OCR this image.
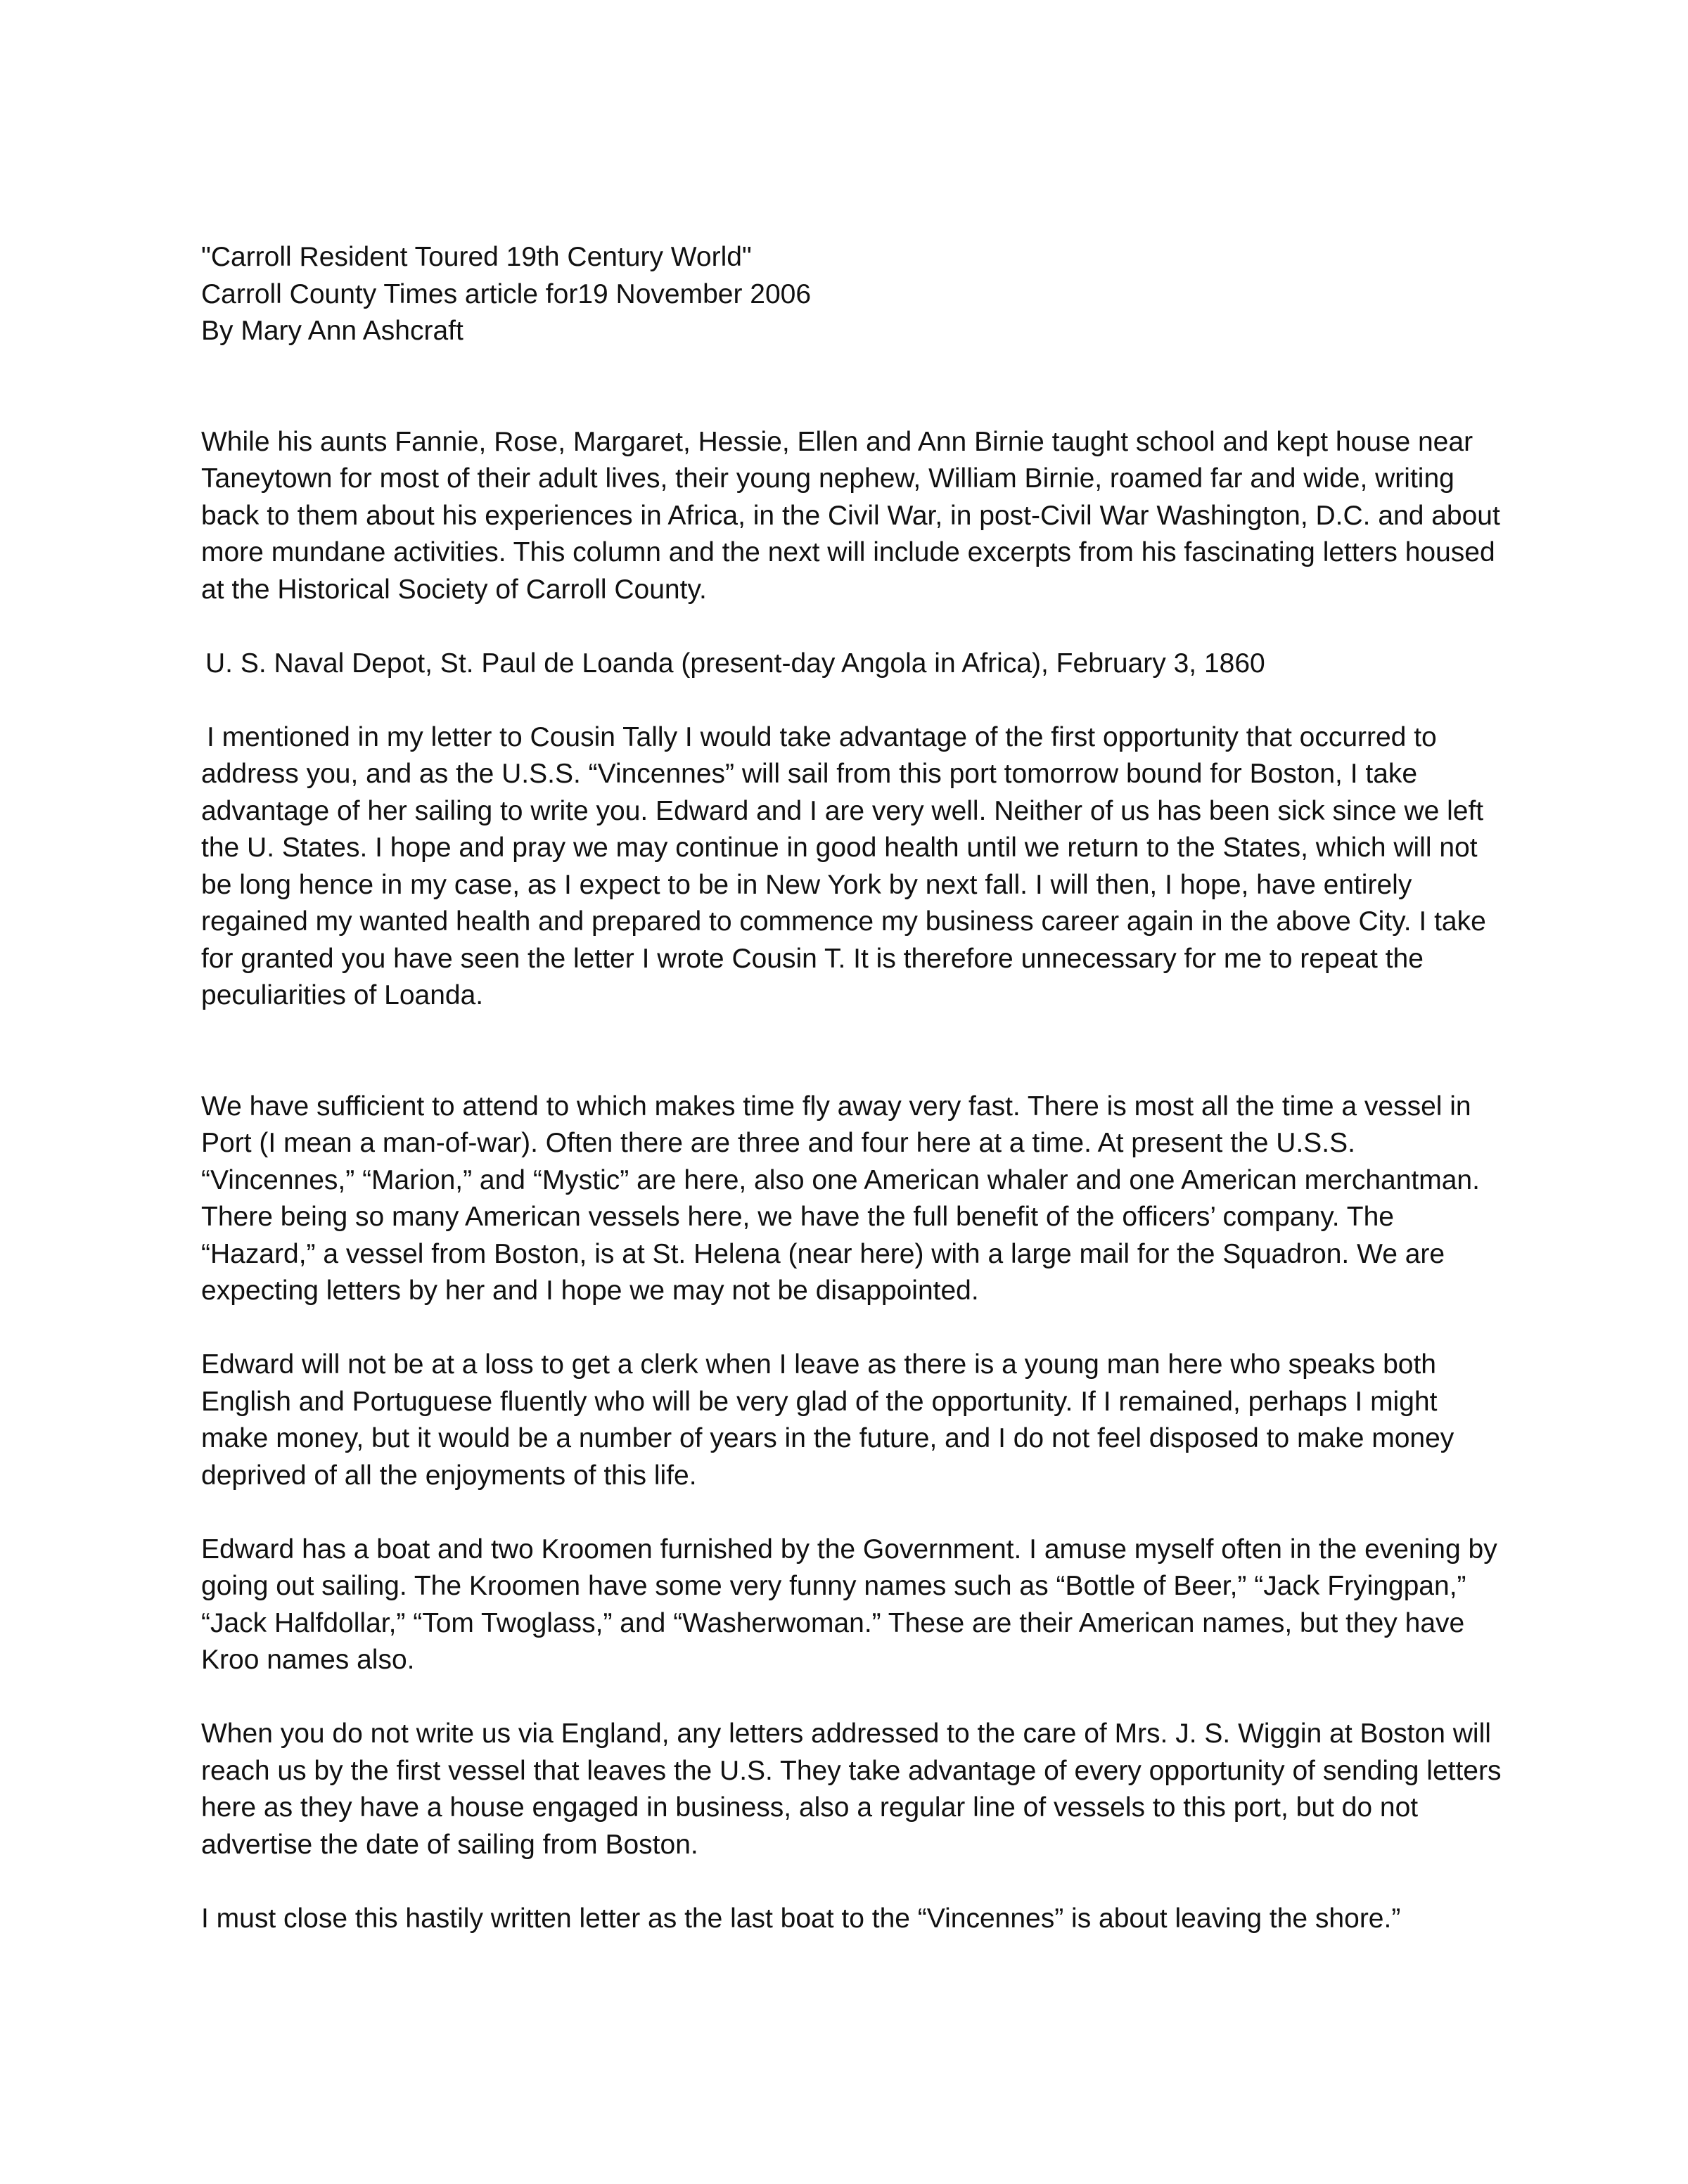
"Carroll Resident Toured 19th Century World"
Carroll County Times article for19 November 2006
By Mary Ann Ashcraft

While his aunts Fannie, Rose, Margaret, Hessie, Ellen and Ann Birnie taught school and kept house near Taneytown for most of their adult lives, their young nephew, William Birnie, roamed far and wide, writing back to them about his experiences in Africa, in the Civil War, in post-Civil War Washington, D.C. and about more mundane activities. This column and the next will include excerpts from his fascinating letters housed at the Historical Society of Carroll County.

U. S. Naval Depot, St. Paul de Loanda (present-day Angola in Africa), February 3, 1860

I mentioned in my letter to Cousin Tally I would take advantage of the first opportunity that occurred to address you, and as the U.S.S. “Vincennes” will sail from this port tomorrow bound for Boston, I take advantage of her sailing to write you. Edward and I are very well. Neither of us has been sick since we left the U. States. I hope and pray we may continue in good health until we return to the States, which will not be long hence in my case, as I expect to be in New York by next fall. I will then, I hope, have entirely regained my wanted health and prepared to commence my business career again in the above City. I take for granted you have seen the letter I wrote Cousin T. It is therefore unnecessary for me to repeat the peculiarities of Loanda.

We have sufficient to attend to which makes time fly away very fast. There is most all the time a vessel in Port (I mean a man-of-war). Often there are three and four here at a time. At present the U.S.S. “Vincennes,” “Marion,” and “Mystic” are here, also one American whaler and one American merchantman. There being so many American vessels here, we have the full benefit of the officers’ company. The “Hazard,” a vessel from Boston, is at St. Helena (near here) with a large mail for the Squadron. We are expecting letters by her and I hope we may not be disappointed.

Edward will not be at a loss to get a clerk when I leave as there is a young man here who speaks both English and Portuguese fluently who will be very glad of the opportunity. If I remained, perhaps I might make money, but it would be a number of years in the future, and I do not feel disposed to make money deprived of all the enjoyments of this life.

Edward has a boat and two Kroomen furnished by the Government. I amuse myself often in the evening by going out sailing. The Kroomen have some very funny names such as “Bottle of Beer,” “Jack Fryingpan,” “Jack Halfdollar,” “Tom Twoglass,” and “Washerwoman.” These are their American names, but they have Kroo names also.

When you do not write us via England, any letters addressed to the care of Mrs. J. S. Wiggin at Boston will reach us by the first vessel that leaves the U.S. They take advantage of every opportunity of sending letters here as they have a house engaged in business, also a regular line of vessels to this port, but do not advertise the date of sailing from Boston.

I must close this hastily written letter as the last boat to the “Vincennes” is about leaving the shore.”
